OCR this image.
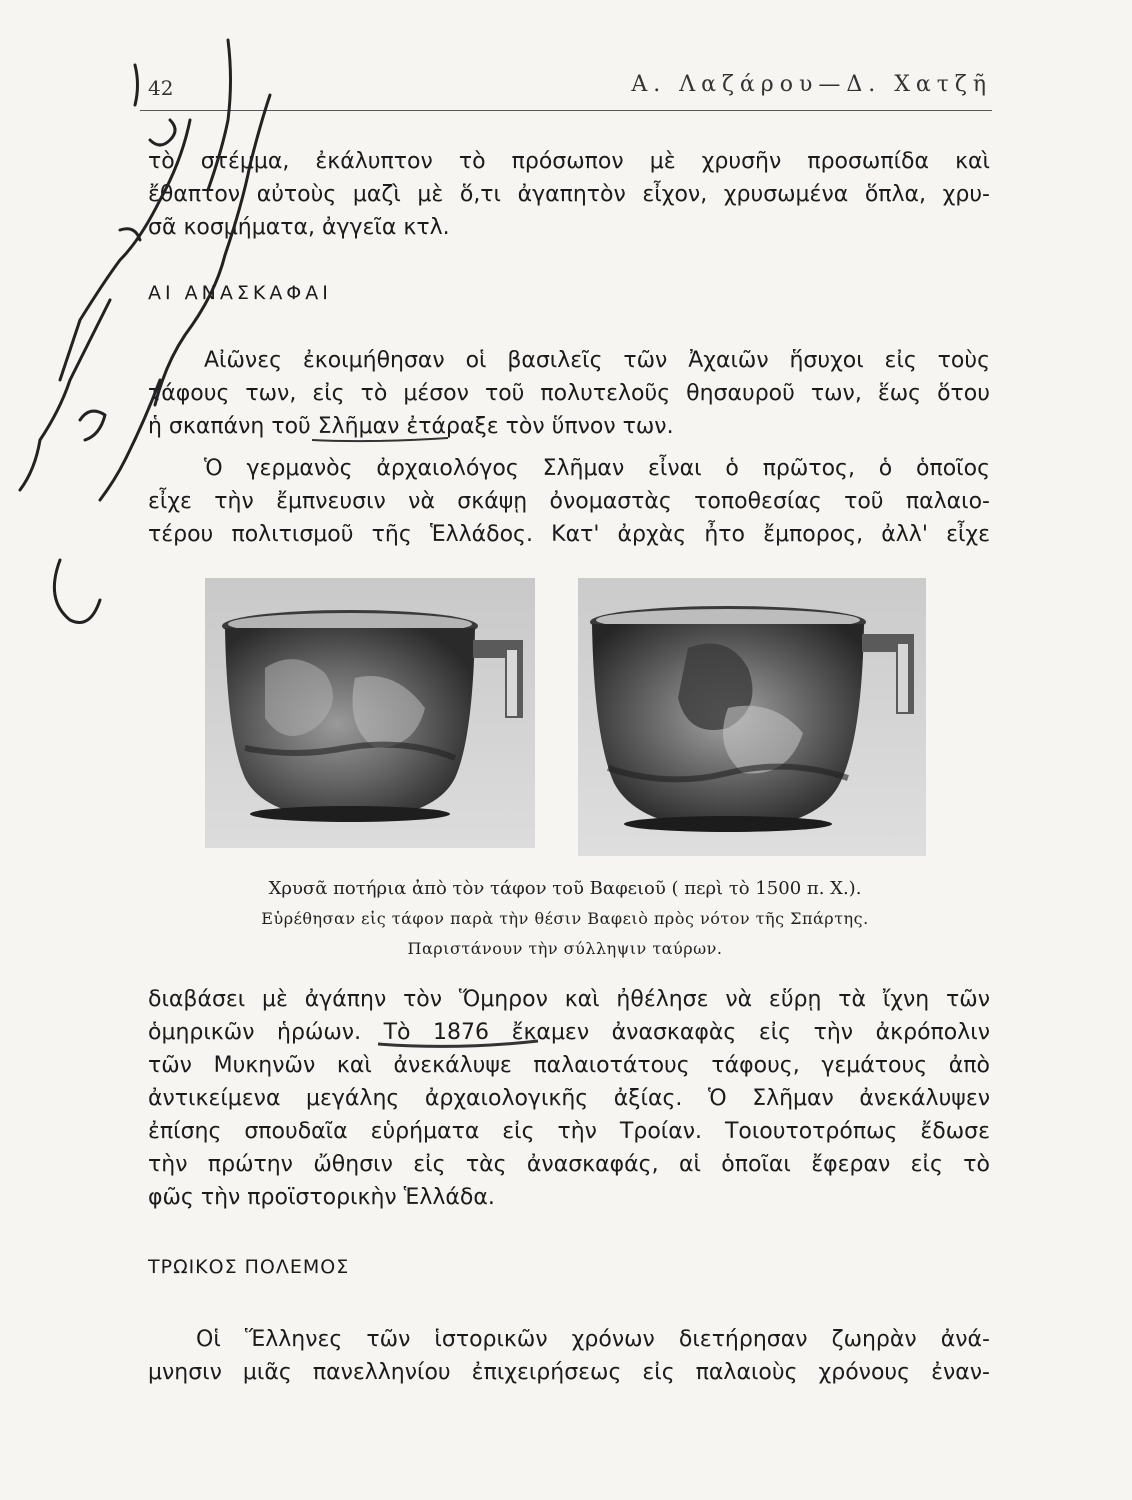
42	Α. Λαζάρου—Δ. Χατζῆ
τὸ στέμμα, ἐκάλυπτον τὸ πρόσωπον μὲ χρυσῆν προσωπίδα καὶ
ἔθαπτον αὐτοὺς μαζὶ μὲ ὅ,τι ἀγαπητὸν εἶχον, χρυσωμένα ὅπλα, χρυ-
σᾶ κοσμήματα, ἀγγεῖα κτλ.
ΑΙ ΑΝΑΣΚΑΦΑΙ
Αἰῶνες ἐκοιμήθησαν οἱ βασιλεῖς τῶν Ἀχαιῶν ἥσυχοι εἰς τοὺς
τάφους των, εἰς τὸ μέσον τοῦ πολυτελοῦς θησαυροῦ των, ἕως ὅτου
ἡ σκαπάνη τοῦ Σλῆμαν ἐτάραξε τὸν ὕπνον των.
Ὁ γερμανὸς ἀρχαιολόγος Σλῆμαν εἶναι ὁ πρῶτος, ὁ ὁποῖος
εἶχε τὴν ἔμπνευσιν νὰ σκάψῃ ὀνομαστὰς τοποθεσίας τοῦ παλαιο-
τέρου πολιτισμοῦ τῆς Ἑλλάδος. Κατ' ἀρχὰς ἦτο ἔμπορος, ἀλλ' εἶχε
Χρυσᾶ ποτήρια ἀπὸ τὸν τάφον τοῦ Βαφειοῦ ( περὶ τὸ 1500 π. Χ.).
Εὑρέθησαν εἰς τάφον παρὰ τὴν θέσιν Βαφειὸ πρὸς νότον τῆς Σπάρτης.
Παριστάνουν τὴν σύλληψιν ταύρων.
διαβάσει μὲ ἀγάπην τὸν Ὅμηρον καὶ ἠθέλησε νὰ εὕρῃ τὰ ἴχνη τῶν
ὁμηρικῶν ἡρώων. Τὸ 1876 ἔκαμεν ἀνασκαφὰς εἰς τὴν ἀκρόπολιν
τῶν Μυκηνῶν καὶ ἀνεκάλυψε παλαιοτάτους τάφους, γεμάτους ἀπὸ
ἀντικείμενα μεγάλης ἀρχαιολογικῆς ἀξίας. Ὁ Σλῆμαν ἀνεκάλυψεν
ἐπίσης σπουδαῖα εὑρήματα εἰς τὴν Τροίαν. Τοιουτοτρόπως ἔδωσε
τὴν πρώτην ὤθησιν εἰς τὰς ἀνασκαφάς, αἱ ὁποῖαι ἔφεραν εἰς τὸ
φῶς τὴν προϊστορικὴν Ἑλλάδα.
ΤΡΩΙΚΟΣ ΠΟΛΕΜΟΣ
Οἱ Ἕλληνες τῶν ἱστορικῶν χρόνων διετήρησαν ζωηρὰν ἀνά-
μνησιν μιᾶς πανελληνίου ἐπιχειρήσεως εἰς παλαιοὺς χρόνους ἐναν-
